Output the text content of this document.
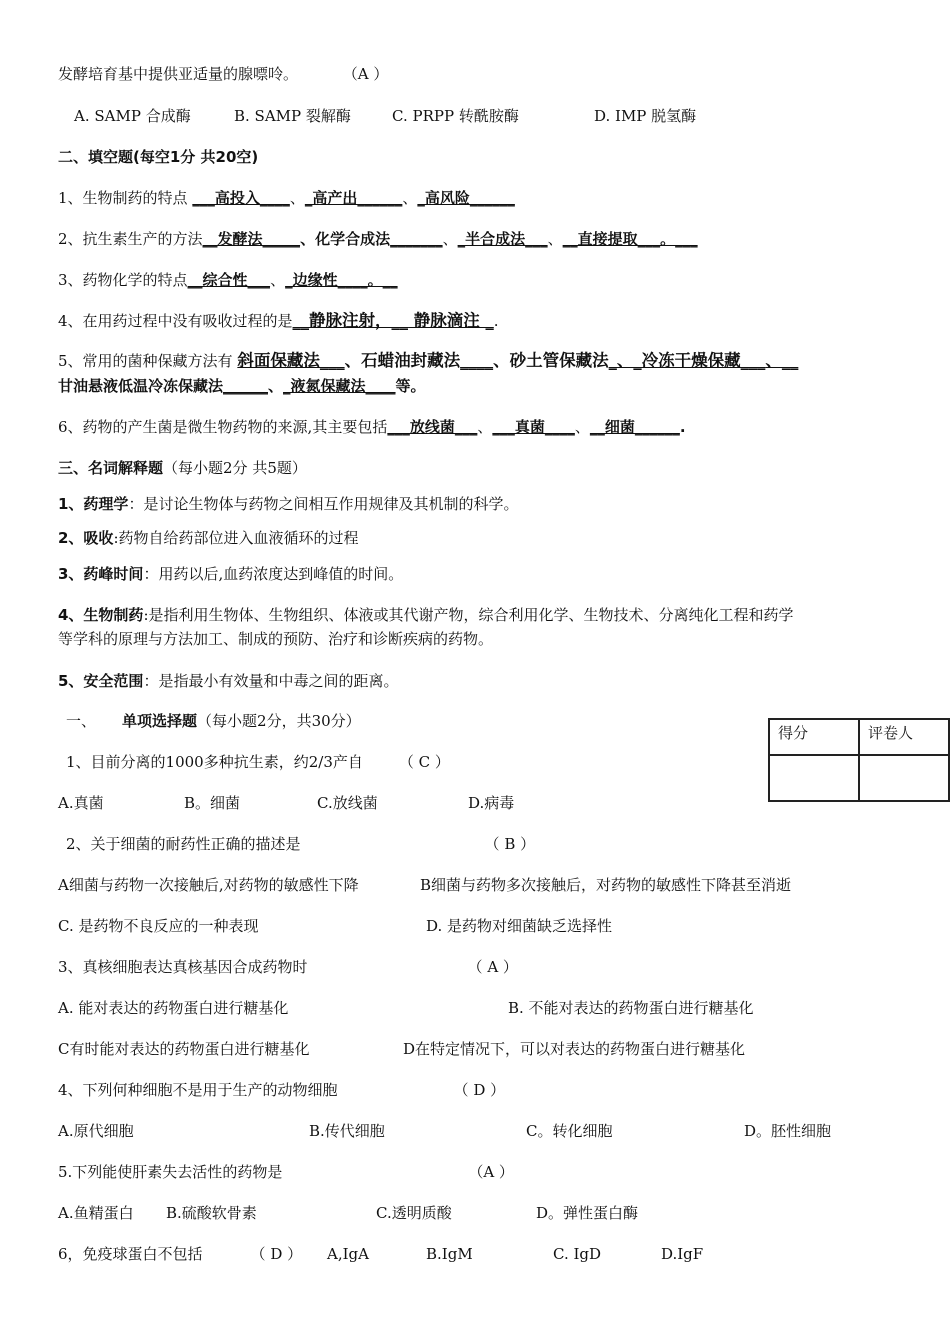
发酵培育基中提供亚适量的腺嘌呤。	（A ）
A. SAMP 合成酶	B. SAMP 裂解酶	C. PRPP 转酰胺酶	D. IMP 脱氢酶
二、填空题(每空1分 共20空)
1、生物制药的特点 ___高投入____、_高产出______、_高风险______
2、抗生素生产的方法__发酵法_____、化学合成法_______、_半合成法___、__直接提取___。___
3、药物化学的特点__综合性___、_边缘性____。__
4、在用药过程中没有吸收过程的是__静脉注射，__ 静脉滴注 _.
5、常用的菌种保藏方法有 斜面保藏法___、石蜡油封藏法____、砂土管保藏法_、_冷冻干燥保藏___、__
甘油悬液低温冷冻保藏法______、_液氮保藏法____等。
6、药物的产生菌是微生物药物的来源,其主要包括___放线菌___、___真菌____、__细菌______.
三、名词解释题（每小题2分 共5题）
1、药理学：是讨论生物体与药物之间相互作用规律及其机制的科学。
2、吸收:药物自给药部位进入血液循环的过程
3、药峰时间：用药以后,血药浓度达到峰值的时间。
4、生物制药:是指利用生物体、生物组织、体液或其代谢产物，综合利用化学、生物技术、分离纯化工程和药学
等学科的原理与方法加工、制成的预防、治疗和诊断疾病的药物。
5、安全范围：是指最小有效量和中毒之间的距离。
一、 单项选择题（每小题2分，共30分）
得分	评卷人

1、目前分离的1000多种抗生素，约2/3产自 （ C ）
A.真菌	B。细菌	C.放线菌	D.病毒
2、关于细菌的耐药性正确的描述是	（ B ）
A细菌与药物一次接触后,对药物的敏感性下降	B细菌与药物多次接触后，对药物的敏感性下降甚至消逝
C. 是药物不良反应的一种表现	D. 是药物对细菌缺乏选择性
3、真核细胞表达真核基因合成药物时	（ A ）
A. 能对表达的药物蛋白进行糖基化	B. 不能对表达的药物蛋白进行糖基化
C有时能对表达的药物蛋白进行糖基化	D在特定情况下，可以对表达的药物蛋白进行糖基化
4、下列何种细胞不是用于生产的动物细胞	（ D ）
A.原代细胞	B.传代细胞	C。转化细胞	D。胚性细胞
5.下列能使肝素失去活性的药物是	（A ）
A.鱼精蛋白 B.硫酸软骨素	C.透明质酸	D。弹性蛋白酶
6，免疫球蛋白不包括	（ D ） A,IgA	B.IgM	C. IgD	D.IgF
